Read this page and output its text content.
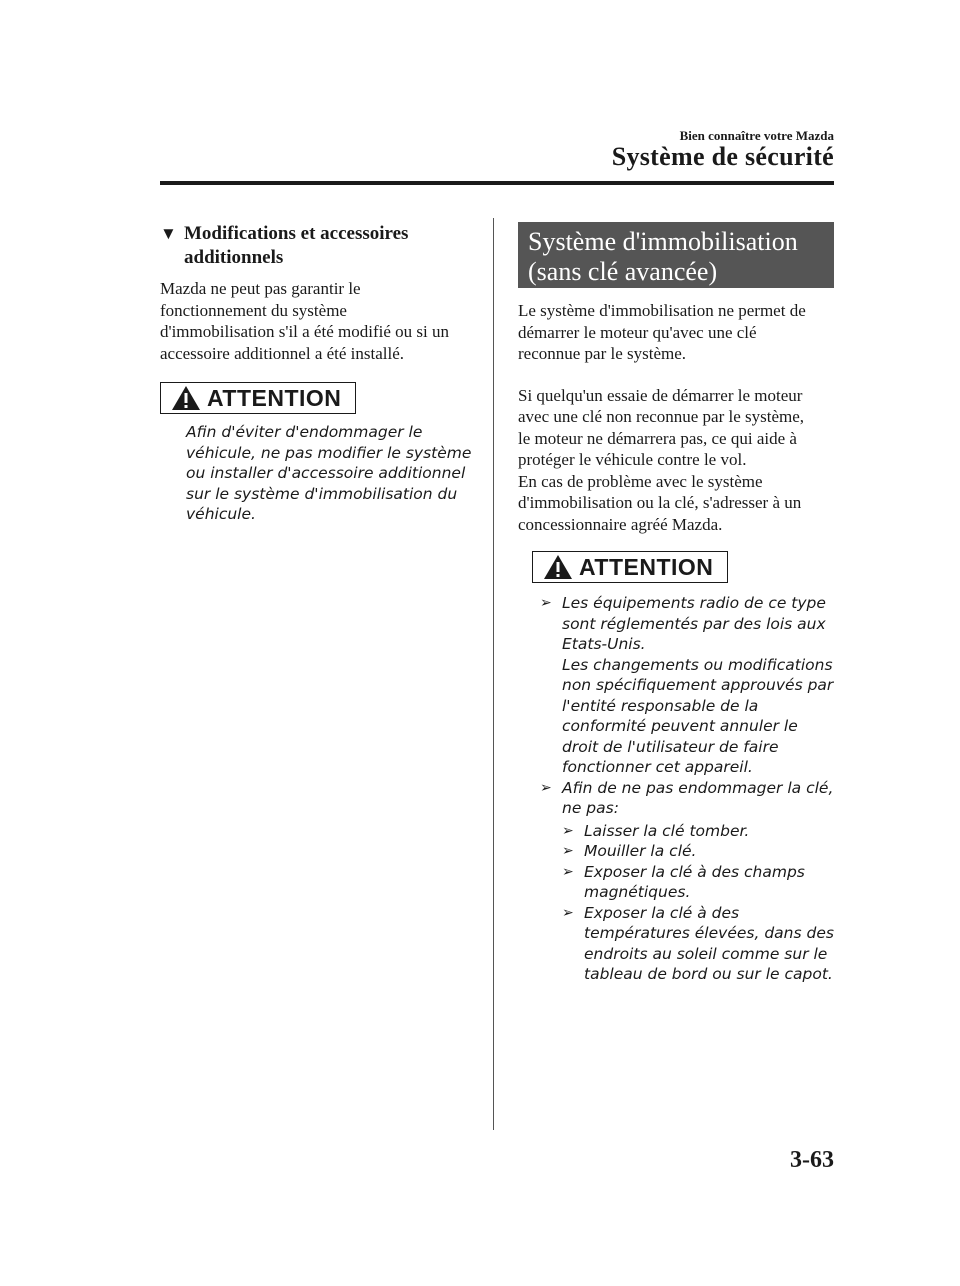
Bien connaître votre Mazda
Système de sécurité
▼ Modifications et accessoires
additionnels

Mazda ne peut pas garantir le

fonctionnement du système

d'immobilisation s'il a été modifié ou si un

accessoire additionnel a été installé.

ATTENTION
Afin d'éviter d'endommager le
véhicule, ne pas modifier le système
ou installer d'accessoire additionnel
sur le système d'immobilisation du
véhicule.
Système d'immobilisation
(sans clé avancée)

Le système d'immobilisation ne permet de

démarrer le moteur qu'avec une clé

reconnue par le système.

Si quelqu'un essaie de démarrer le moteur

avec une clé non reconnue par le système,

le moteur ne démarrera pas, ce qui aide à

protéger le véhicule contre le vol.

En cas de problème avec le système

d'immobilisation ou la clé, s'adresser à un

concessionnaire agréé Mazda.

ATTENTION
➢ Les équipements radio de ce type
sont réglementés par des lois aux
Etats-Unis.
Les changements ou modifications
non spécifiquement approuvés par
l'entité responsable de la
conformité peuvent annuler le
droit de l'utilisateur de faire
fonctionner cet appareil.
➢ Afin de ne pas endommager la clé,
ne pas:
➢ Laisser la clé tomber.
➢ Mouiller la clé.
➢ Exposer la clé à des champs
magnétiques.
➢ Exposer la clé à des
températures élevées, dans des
endroits au soleil comme sur le
tableau de bord ou sur le capot.
3-63
